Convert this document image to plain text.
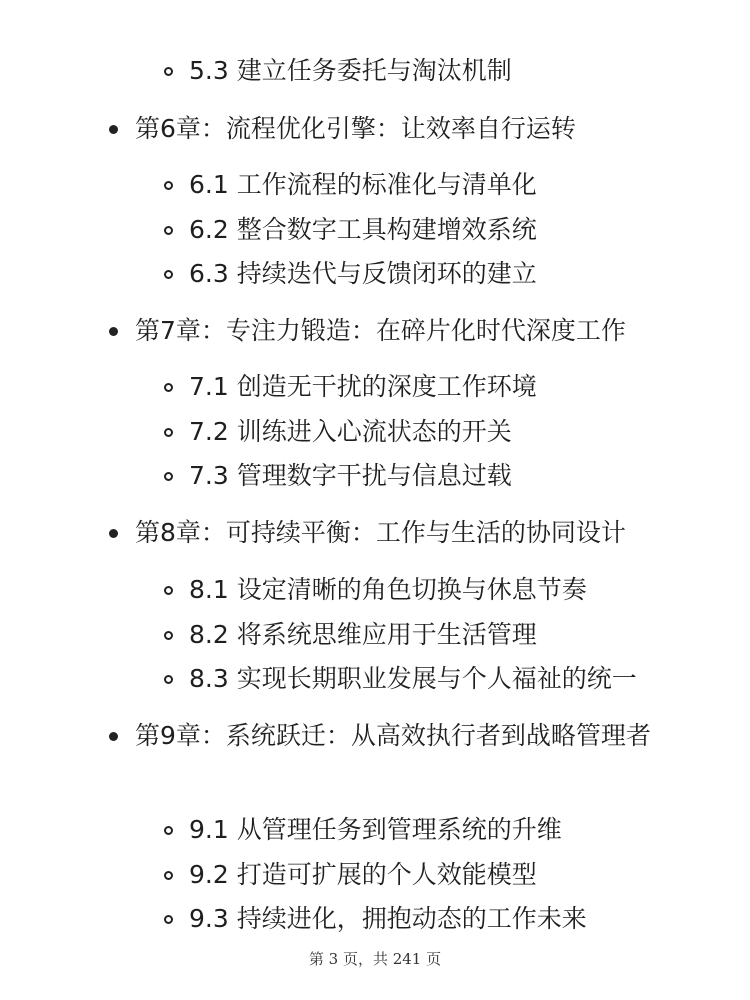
5.3 建立任务委托与淘汰机制
第6章：流程优化引擎：让效率自行运转
6.1 工作流程的标准化与清单化
6.2 整合数字工具构建增效系统
6.3 持续迭代与反馈闭环的建立
第7章：专注力锻造：在碎片化时代深度工作
7.1 创造无干扰的深度工作环境
7.2 训练进入心流状态的开关
7.3 管理数字干扰与信息过载
第8章：可持续平衡：工作与生活的协同设计
8.1 设定清晰的角色切换与休息节奏
8.2 将系统思维应用于生活管理
8.3 实现长期职业发展与个人福祉的统一
第9章：系统跃迁：从高效执行者到战略管理者
9.1 从管理任务到管理系统的升维
9.2 打造可扩展的个人效能模型
9.3 持续进化，拥抱动态的工作未来
第 3 页，共 241 页
